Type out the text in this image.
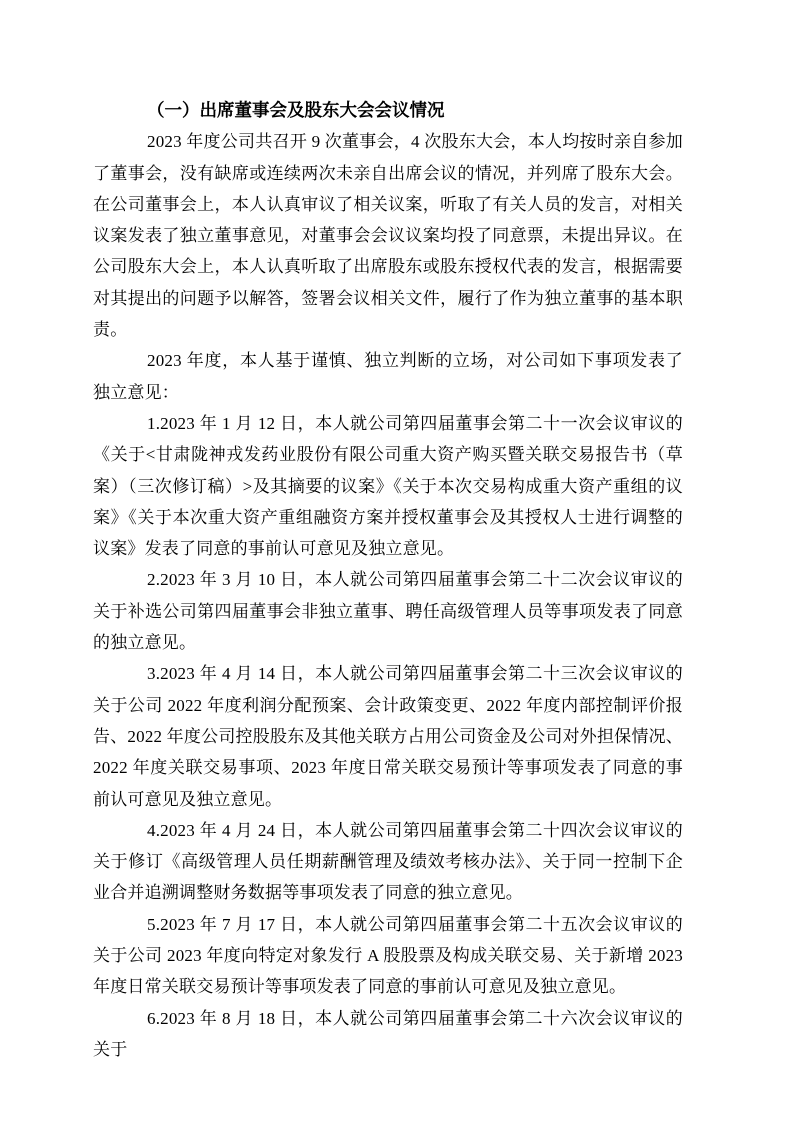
（一）出席董事会及股东大会会议情况

2023 年度公司共召开 9 次董事会，4 次股东大会，本人均按时亲自参加了董事会，没有缺席或连续两次未亲自出席会议的情况，并列席了股东大会。在公司董事会上，本人认真审议了相关议案，听取了有关人员的发言，对相关议案发表了独立董事意见，对董事会会议议案均投了同意票，未提出异议。在公司股东大会上，本人认真听取了出席股东或股东授权代表的发言，根据需要对其提出的问题予以解答，签署会议相关文件，履行了作为独立董事的基本职责。

2023 年度，本人基于谨慎、独立判断的立场，对公司如下事项发表了独立意见：

1.2023 年 1 月 12 日，本人就公司第四届董事会第二十一次会议审议的《关于<甘肃陇神戎发药业股份有限公司重大资产购买暨关联交易报告书（草案）（三次修订稿）>及其摘要的议案》《关于本次交易构成重大资产重组的议案》《关于本次重大资产重组融资方案并授权董事会及其授权人士进行调整的议案》发表了同意的事前认可意见及独立意见。

2.2023 年 3 月 10 日，本人就公司第四届董事会第二十二次会议审议的关于补选公司第四届董事会非独立董事、聘任高级管理人员等事项发表了同意的独立意见。

3.2023 年 4 月 14 日，本人就公司第四届董事会第二十三次会议审议的关于公司 2022 年度利润分配预案、会计政策变更、2022 年度内部控制评价报告、2022 年度公司控股股东及其他关联方占用公司资金及公司对外担保情况、2022 年度关联交易事项、2023 年度日常关联交易预计等事项发表了同意的事前认可意见及独立意见。

4.2023 年 4 月 24 日，本人就公司第四届董事会第二十四次会议审议的关于修订《高级管理人员任期薪酬管理及绩效考核办法》、关于同一控制下企业合并追溯调整财务数据等事项发表了同意的独立意见。

5.2023 年 7 月 17 日，本人就公司第四届董事会第二十五次会议审议的关于公司 2023 年度向特定对象发行 A 股股票及构成关联交易、关于新增 2023 年度日常关联交易预计等事项发表了同意的事前认可意见及独立意见。

6.2023 年 8 月 18 日，本人就公司第四届董事会第二十六次会议审议的关于
